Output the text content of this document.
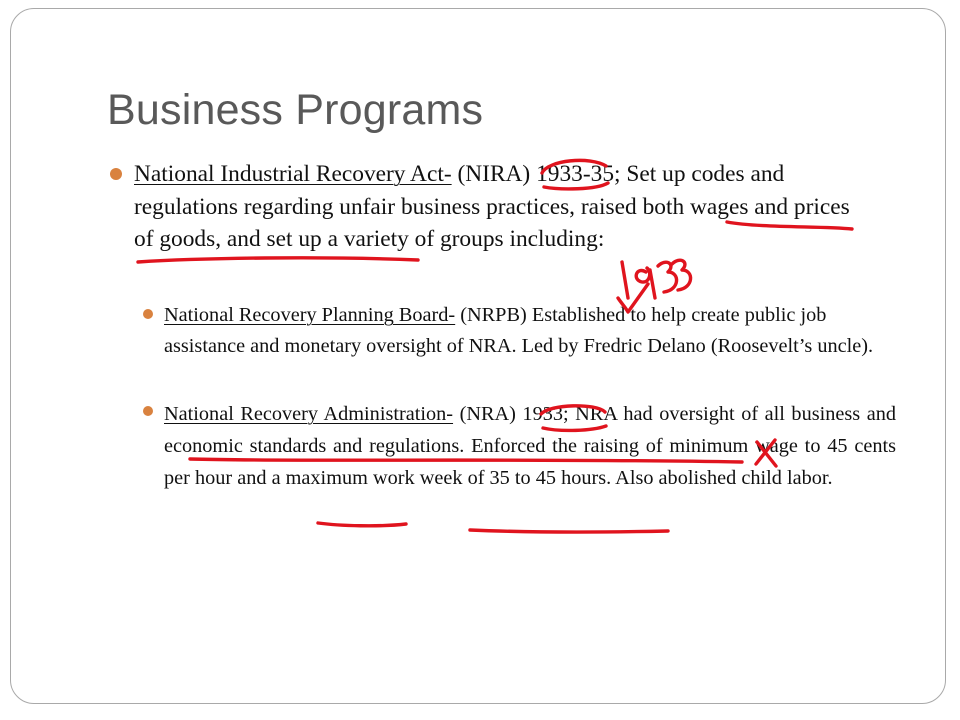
Business Programs

National Industrial Recovery Act- (NIRA) 1933-35; Set up codes and regulations regarding unfair business practices, raised both wages and prices of goods, and set up a variety of groups including:

National Recovery Planning Board- (NRPB) Established to help create public job assistance and monetary oversight of NRA. Led by Fredric Delano (Roosevelt’s uncle).

National Recovery Administration- (NRA) 1933; NRA had oversight of all business and economic standards and regulations. Enforced the raising of minimum wage to 45 cents per hour and a maximum work week of 35 to 45 hours. Also abolished child labor.
